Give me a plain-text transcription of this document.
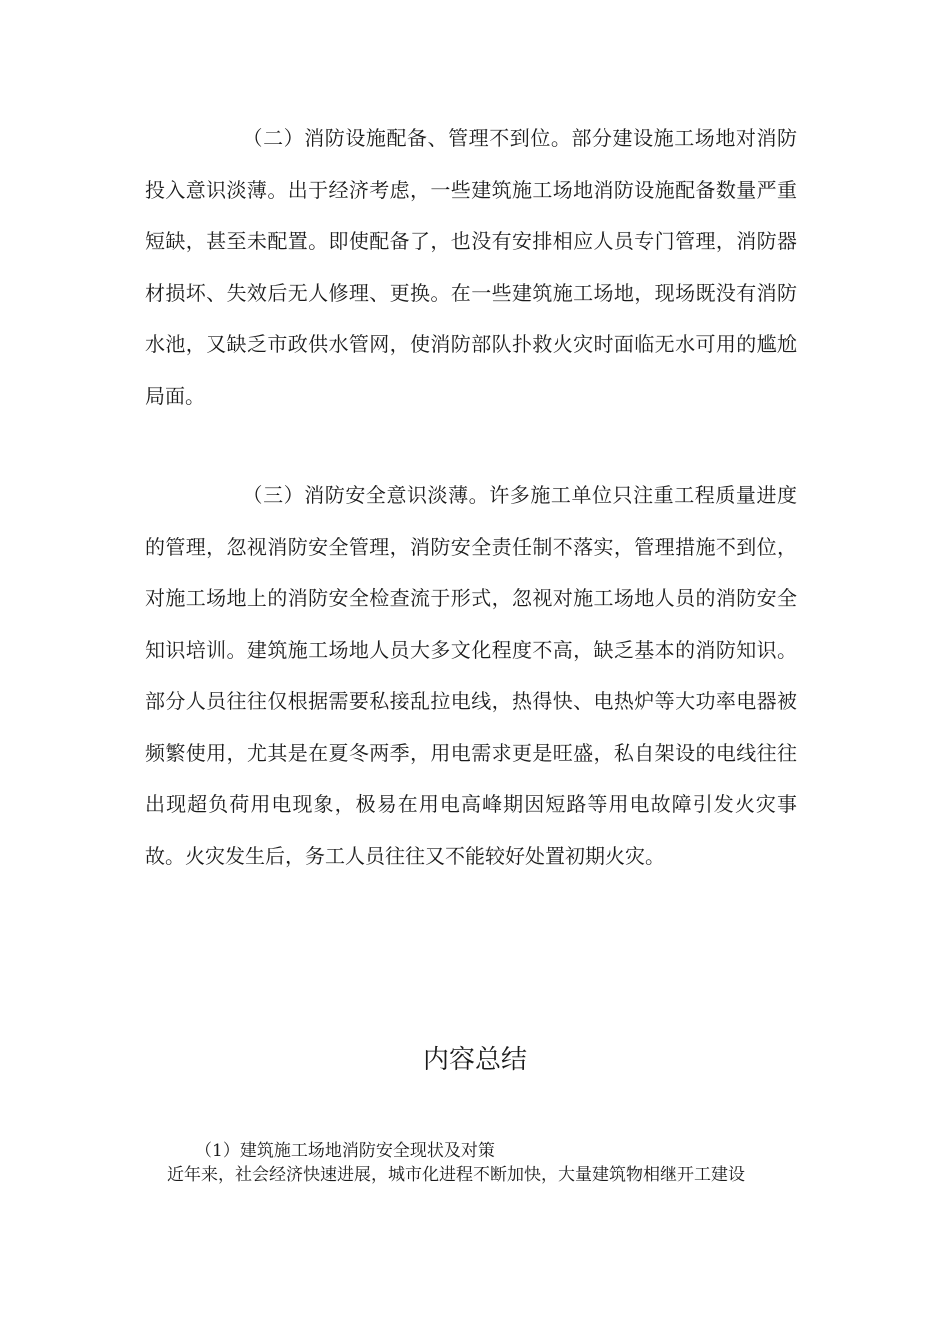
（二）消防设施配备、管理不到位。部分建设施工场地对消防投入意识淡薄。出于经济考虑，一些建筑施工场地消防设施配备数量严重短缺，甚至未配置。即使配备了，也没有安排相应人员专门管理，消防器材损坏、失效后无人修理、更换。在一些建筑施工场地，现场既没有消防水池，又缺乏市政供水管网，使消防部队扑救火灾时面临无水可用的尴尬局面。

（三）消防安全意识淡薄。许多施工单位只注重工程质量进度的管理，忽视消防安全管理，消防安全责任制不落实，管理措施不到位，对施工场地上的消防安全检查流于形式，忽视对施工场地人员的消防安全知识培训。建筑施工场地人员大多文化程度不高，缺乏基本的消防知识。部分人员往往仅根据需要私接乱拉电线，热得快、电热炉等大功率电器被频繁使用，尤其是在夏冬两季，用电需求更是旺盛，私自架设的电线往往出现超负荷用电现象，极易在用电高峰期因短路等用电故障引发火灾事故。火灾发生后，务工人员往往又不能较好处置初期火灾。

内容总结

（1）建筑施工场地消防安全现状及对策

近年来，社会经济快速进展，城市化进程不断加快，大量建筑物相继开工建设
